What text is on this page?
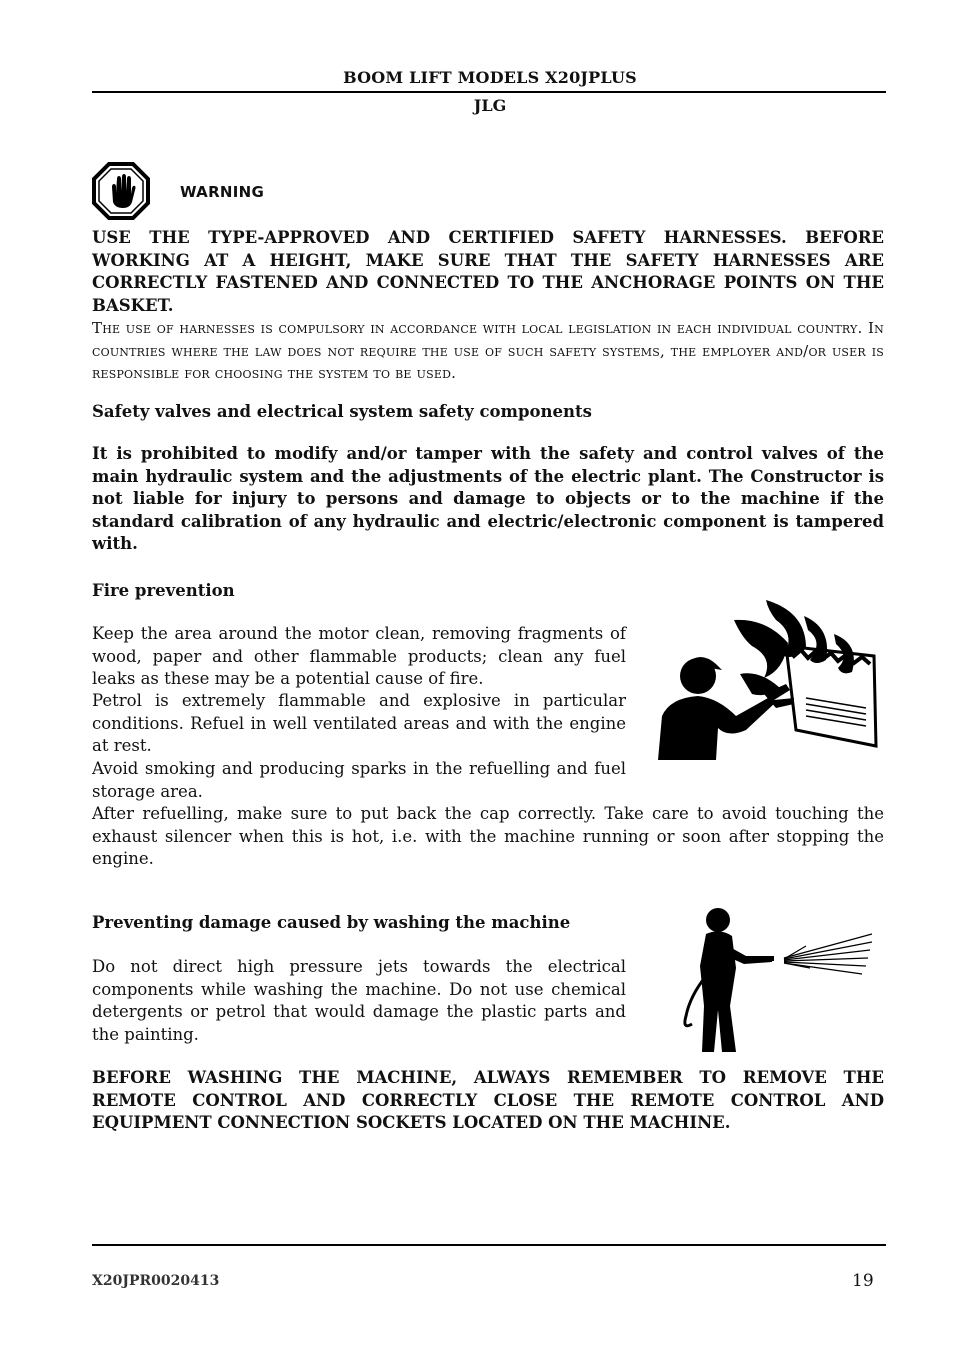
BOOM LIFT MODELS X20JPLUS
JLG
WARNING
USE THE TYPE-APPROVED AND CERTIFIED SAFETY HARNESSES. BEFORE WORKING AT A HEIGHT, MAKE SURE THAT THE SAFETY HARNESSES ARE CORRECTLY FASTENED AND CONNECTED TO THE ANCHORAGE POINTS ON THE BASKET.
The use of harnesses is compulsory in accordance with local legislation in each individual country. In countries where the law does not require the use of such safety systems, the employer and/or user is responsible for choosing the system to be used.
Safety valves and electrical system safety components
It is prohibited to modify and/or tamper with the safety and control valves of the main hydraulic system and the adjustments of the electric plant. The Constructor is not liable for injury to persons and damage to objects or to the machine if the standard calibration of any hydraulic and electric/electronic component is tampered with.
Fire prevention
Keep the area around the motor clean, removing fragments of wood, paper and other flammable products; clean any fuel leaks as these may be a potential cause of fire.
Petrol is extremely flammable and explosive in particular conditions. Refuel in well ventilated areas and with the engine at rest.
Avoid smoking and producing sparks in the refuelling and fuel storage area.
After refuelling, make sure to put back the cap correctly. Take care to avoid touching the exhaust silencer when this is hot, i.e. with the machine running or soon after stopping the engine.
Preventing damage caused by washing the machine
Do not direct high pressure jets towards the electrical components while washing the machine. Do not use chemical detergents or petrol that would damage the plastic parts and the painting.
BEFORE WASHING THE MACHINE, ALWAYS REMEMBER TO REMOVE THE REMOTE CONTROL AND CORRECTLY CLOSE THE REMOTE CONTROL AND EQUIPMENT CONNECTION SOCKETS LOCATED ON THE MACHINE.
X20JPR0020413	19
